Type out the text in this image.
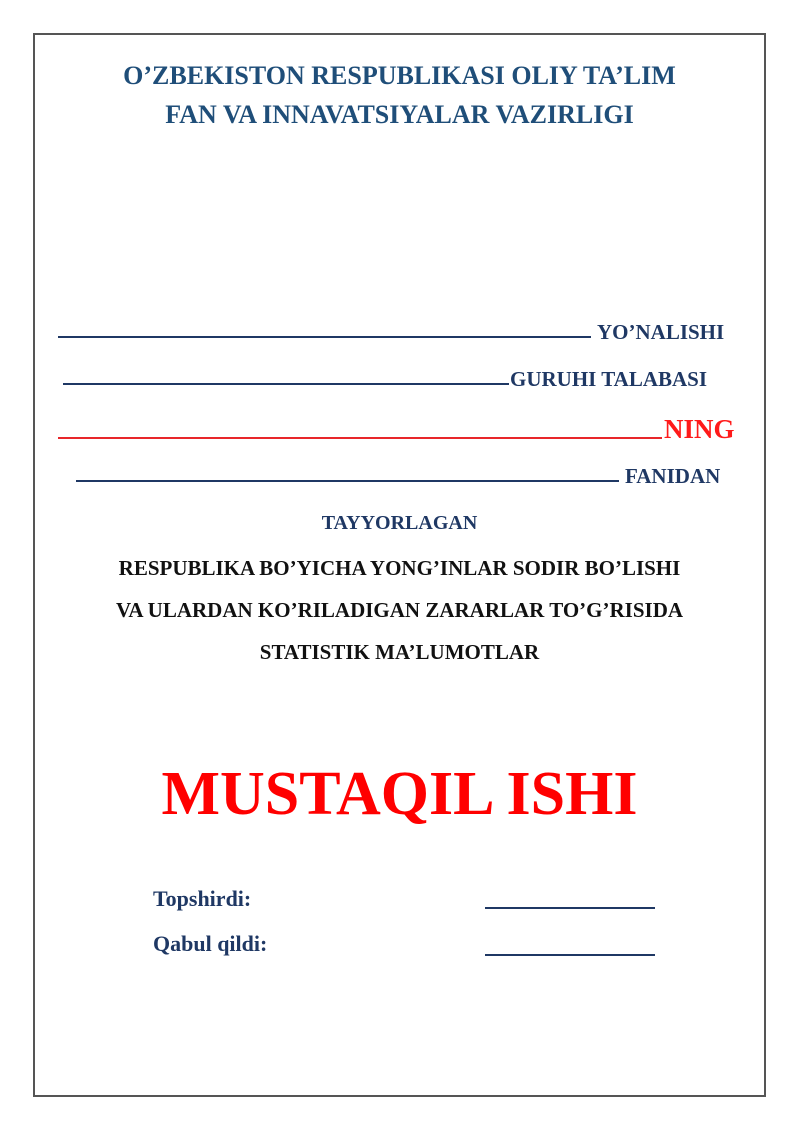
O’ZBEKISTON RESPUBLIKASI OLIY TA’LIM
FAN VA INNAVATSIYALAR VAZIRLIGI
YO’NALISHI
GURUHI TALABASI
NING
FANIDAN
TAYYORLAGAN
RESPUBLIKA BO’YICHA YONG’INLAR SODIR BO’LISHI
VA ULARDAN KO’RILADIGAN ZARARLAR TO’G’RISIDA
STATISTIK MA’LUMOTLAR
MUSTAQIL ISHI
Topshirdi:
Qabul qildi:
